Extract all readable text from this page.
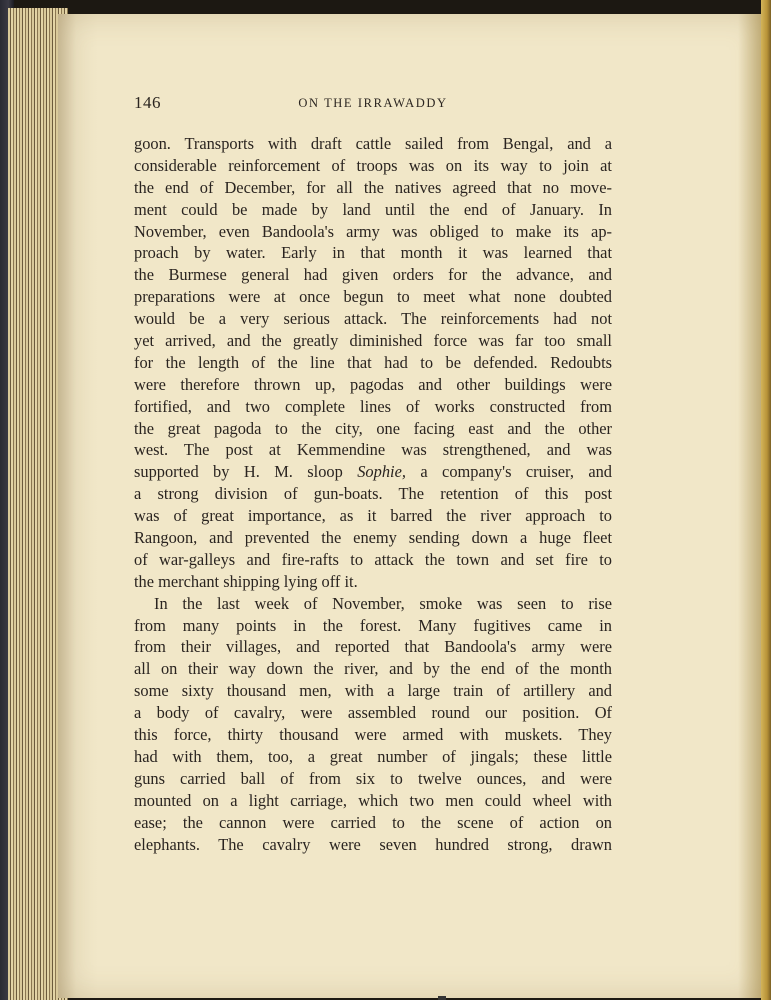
146	ON THE IRRAWADDY
goon. Transports with draft cattle sailed from Bengal, and a
considerable reinforcement of troops was on its way to join at
the end of December, for all the natives agreed that no move-
ment could be made by land until the end of January. In
November, even Bandoola's army was obliged to make its ap-
proach by water. Early in that month it was learned that
the Burmese general had given orders for the advance, and
preparations were at once begun to meet what none doubted
would be a very serious attack. The reinforcements had not
yet arrived, and the greatly diminished force was far too small
for the length of the line that had to be defended. Redoubts
were therefore thrown up, pagodas and other buildings were
fortified, and two complete lines of works constructed from
the great pagoda to the city, one facing east and the other
west. The post at Kemmendine was strengthened, and was
supported by H. M. sloop Sophie, a company's cruiser, and
a strong division of gun-boats. The retention of this post
was of great importance, as it barred the river approach to
Rangoon, and prevented the enemy sending down a huge fleet
of war-galleys and fire-rafts to attack the town and set fire to
the merchant shipping lying off it.
In the last week of November, smoke was seen to rise
from many points in the forest. Many fugitives came in
from their villages, and reported that Bandoola's army were
all on their way down the river, and by the end of the month
some sixty thousand men, with a large train of artillery and
a body of cavalry, were assembled round our position. Of
this force, thirty thousand were armed with muskets. They
had with them, too, a great number of jingals; these little
guns carried ball of from six to twelve ounces, and were
mounted on a light carriage, which two men could wheel with
ease; the cannon were carried to the scene of action on
elephants. The cavalry were seven hundred strong, drawn
